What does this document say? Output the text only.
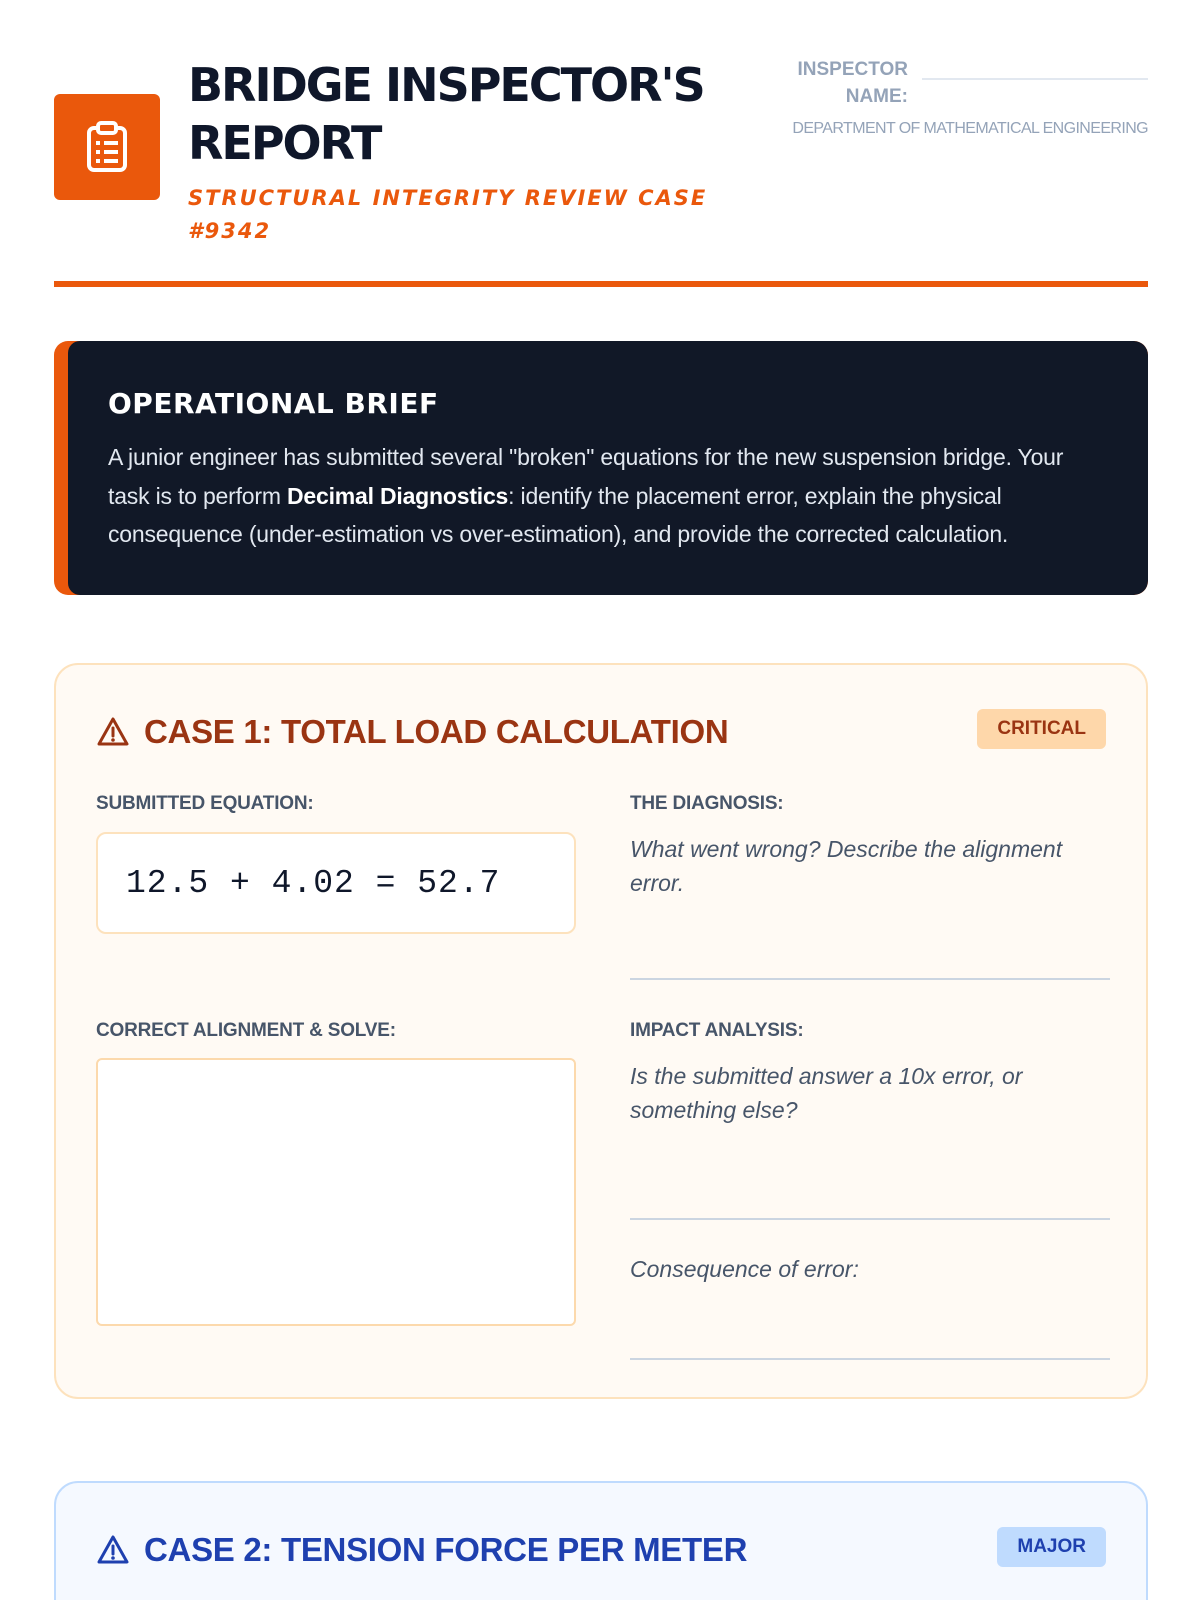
BRIDGE INSPECTOR'S REPORT
STRUCTURAL INTEGRITY REVIEW CASE #9342
INSPECTOR NAME:
DEPARTMENT OF MATHEMATICAL ENGINEERING
OPERATIONAL BRIEF

A junior engineer has submitted several "broken" equations for the new suspension bridge. Your task is to perform Decimal Diagnostics: identify the placement error, explain the physical consequence (under-estimation vs over-estimation), and provide the corrected calculation.

CASE 1: TOTAL LOAD CALCULATION	CRITICAL
SUBMITTED EQUATION:
12.5 + 4.02 = 52.7
THE DIAGNOSIS:
What went wrong? Describe the alignment error.
CORRECT ALIGNMENT & SOLVE:	IMPACT ANALYSIS:
Is the submitted answer a 10x error, or something else?
Consequence of error:
CASE 2: TENSION FORCE PER METER	MAJOR
